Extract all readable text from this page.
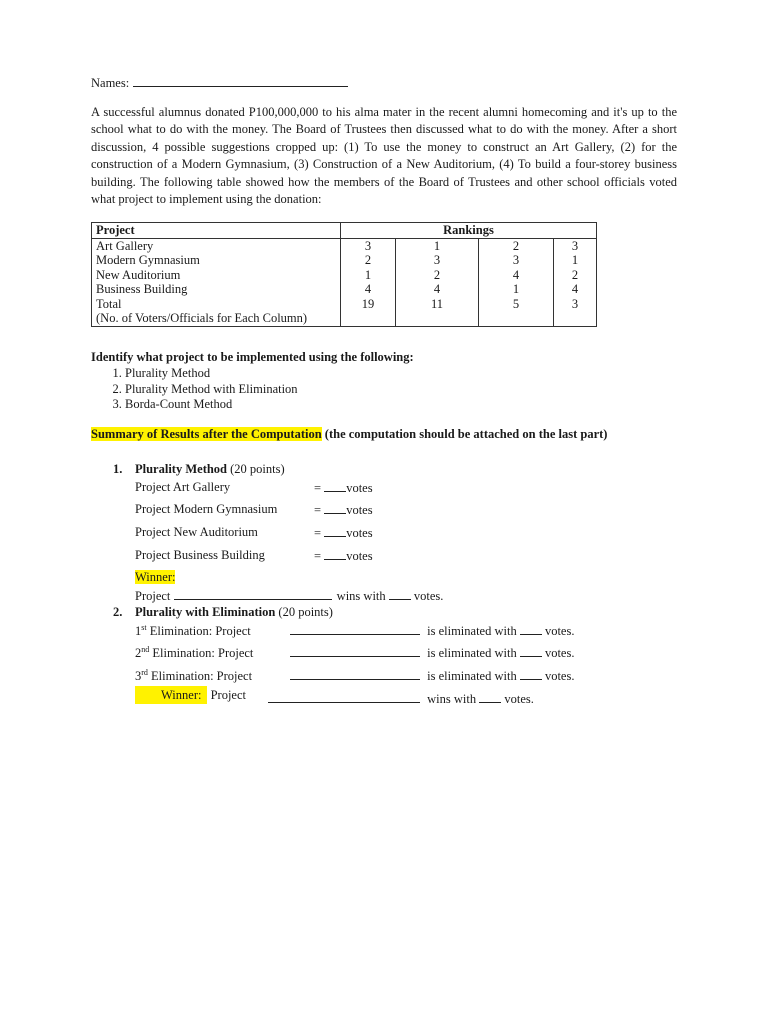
Names:
A successful alumnus donated P100,000,000 to his alma mater in the recent alumni homecoming and it's up to the school what to do with the money. The Board of Trustees then discussed what to do with the money. After a short discussion, 4 possible suggestions cropped up: (1) To use the money to construct an Art Gallery, (2) for the construction of a Modern Gymnasium, (3) Construction of a New Auditorium, (4) To build a four-storey business building. The following table showed how the members of the Board of Trustees and other school officials voted what project to implement using the donation:
Project	Rankings			
Art Gallery	3	1	2	3
Modern Gymnasium	2	3	3	1
New Auditorium	1	2	4	2
Business Building	4	4	1	4

Total
(No. of Voters/Officials for Each Column)	19	11	5	3
Identify what project to be implemented using the following:
1. Plurality Method
2. Plurality Method with Elimination
3. Borda-Count Method
Summary of Results after the Computation (the computation should be attached on the last part)
1. Plurality Method (20 points)
Project Art Gallery	= votes
Project Modern Gymnasium	= votes
Project New Auditorium	= votes
Project Business Building	= votes
Winner:
Project	wins with votes.
2. Plurality with Elimination (20 points)
1st Elimination: Project	is eliminated with votes.
2nd Elimination: Project	is eliminated with votes.
3rd Elimination: Project	is eliminated with votes.
Winner: Project	wins with votes.
